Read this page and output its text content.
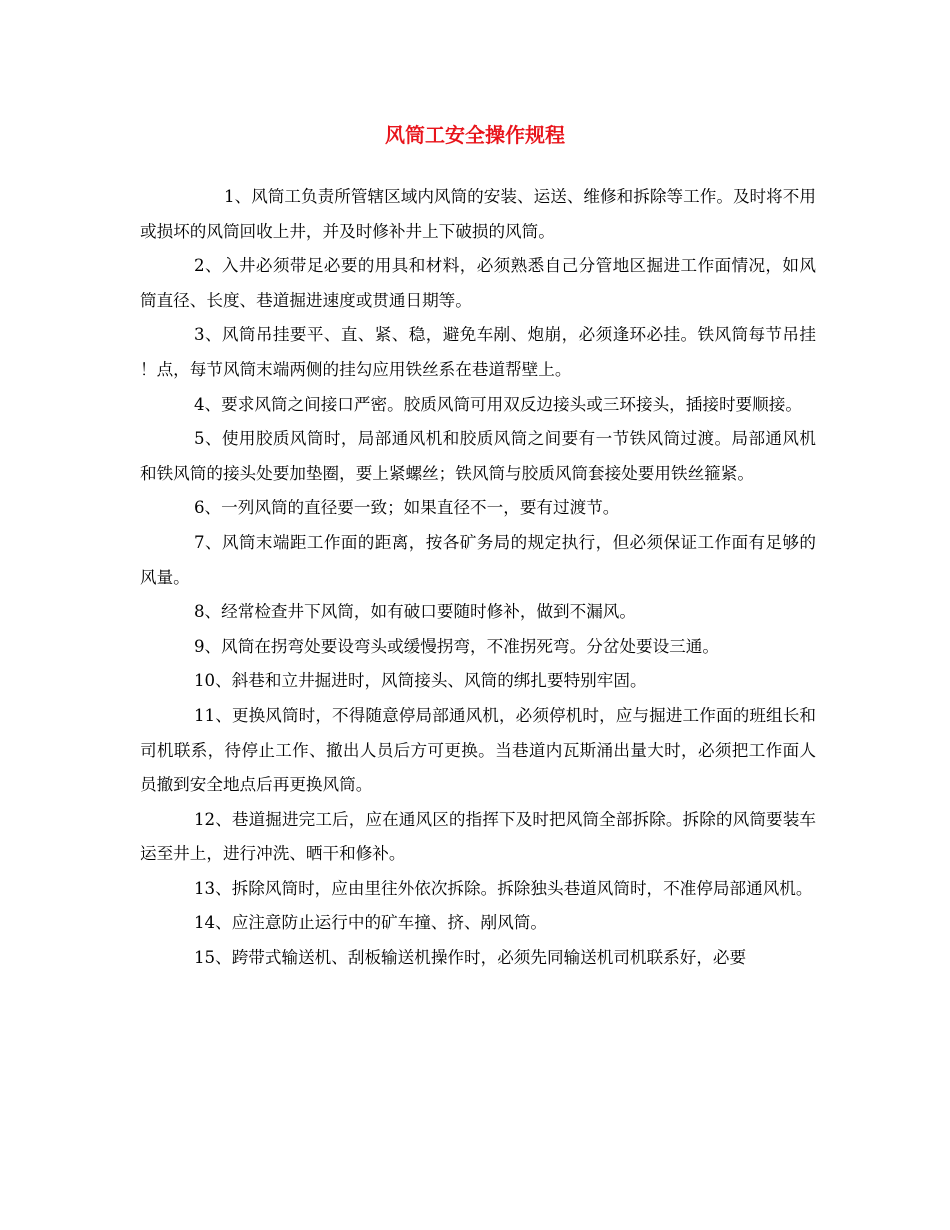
风筒工安全操作规程

1、风筒工负责所管辖区域内风筒的安装、运送、维修和拆除等工作。及时将不用或损坏的风筒回收上井，并及时修补井上下破损的风筒。

2、入井必须带足必要的用具和材料，必须熟悉自己分管地区掘进工作面情况，如风筒直径、长度、巷道掘进速度或贯通日期等。

3、风筒吊挂要平、直、紧、稳，避免车剐、炮崩，必须逢环必挂。铁风筒每节吊挂！点，每节风筒末端两侧的挂勾应用铁丝系在巷道帮壁上。

4、要求风筒之间接口严密。胶质风筒可用双反边接头或三环接头，插接时要顺接。

5、使用胶质风筒时，局部通风机和胶质风筒之间要有一节铁风筒过渡。局部通风机和铁风筒的接头处要加垫圈，要上紧螺丝；铁风筒与胶质风筒套接处要用铁丝箍紧。

6、一列风筒的直径要一致；如果直径不一，要有过渡节。

7、风筒末端距工作面的距离，按各矿务局的规定执行，但必须保证工作面有足够的风量。

8、经常检查井下风筒，如有破口要随时修补，做到不漏风。

9、风筒在拐弯处要设弯头或缓慢拐弯，不准拐死弯。分岔处要设三通。

10、斜巷和立井掘进时，风筒接头、风筒的绑扎要特别牢固。

11、更换风筒时，不得随意停局部通风机，必须停机时，应与掘进工作面的班组长和司机联系，待停止工作、撤出人员后方可更换。当巷道内瓦斯涌出量大时，必须把工作面人员撤到安全地点后再更换风筒。

12、巷道掘进完工后，应在通风区的指挥下及时把风筒全部拆除。拆除的风筒要装车运至井上，进行冲洗、晒干和修补。

13、拆除风筒时，应由里往外依次拆除。拆除独头巷道风筒时，不准停局部通风机。

14、应注意防止运行中的矿车撞、挤、剐风筒。

15、跨带式输送机、刮板输送机操作时，必须先同输送机司机联系好，必要
